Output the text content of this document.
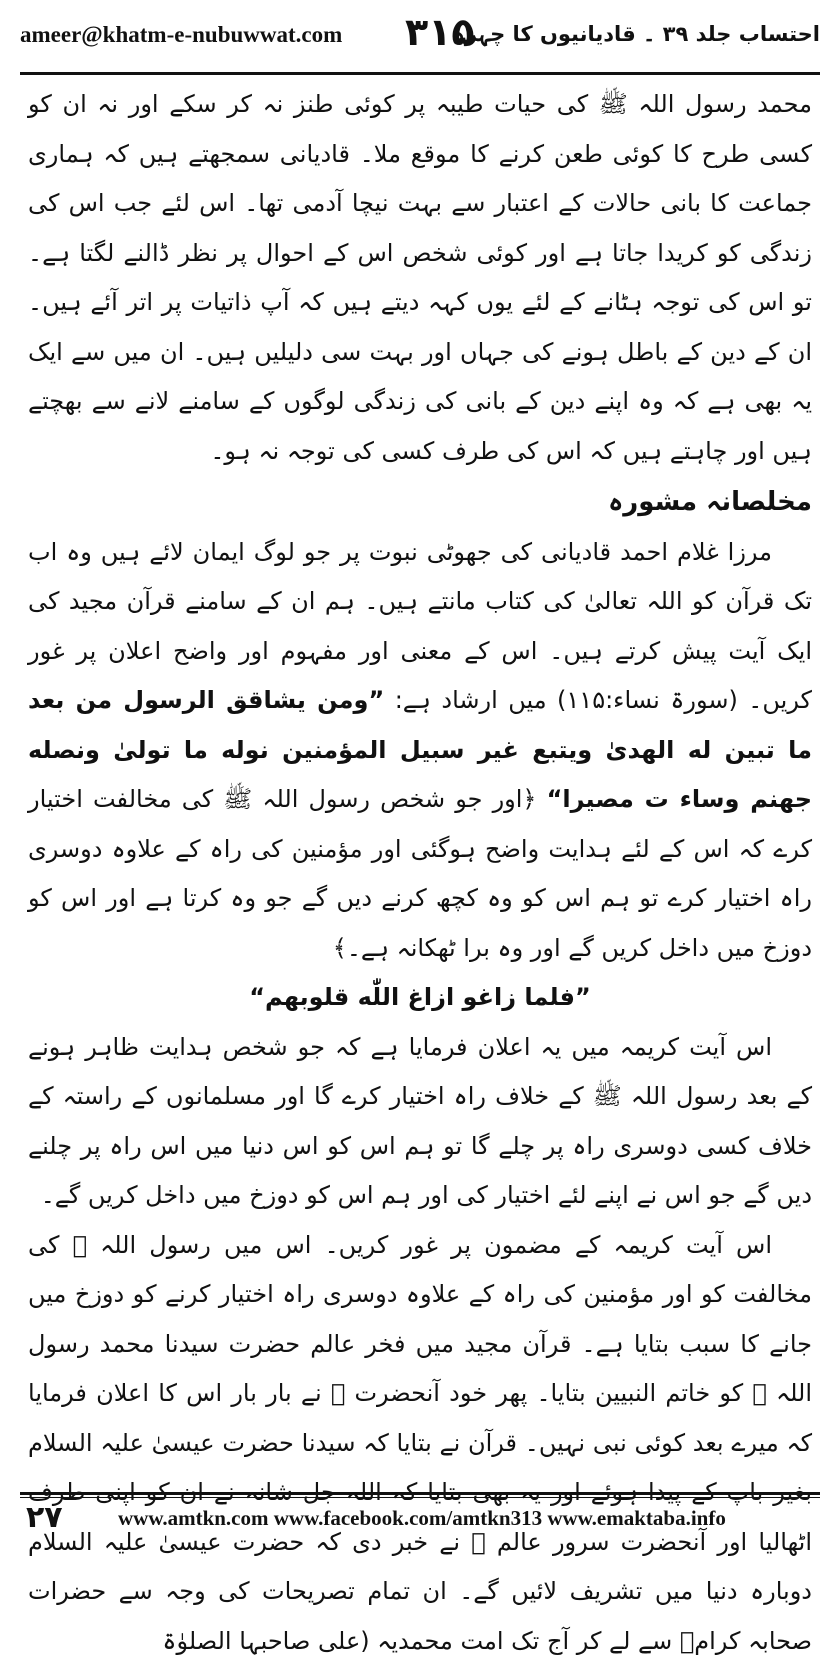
ameer@khatm-e-nubuwwat.com ۳۱۵
احتساب جلد ۳۹ ۔ قادیانیوں کا چہرہ

محمد رسول اللہ ﷺ کی حیات طیبہ پر کوئی طنز نہ کر سکے اور نہ ان کو کسی طرح کا کوئی طعن کرنے کا موقع ملا۔ قادیانی سمجھتے ہیں کہ ہماری جماعت کا بانی حالات کے اعتبار سے بہت نیچا آدمی تھا۔ اس لئے جب اس کی زندگی کو کریدا جاتا ہے اور کوئی شخص اس کے احوال پر نظر ڈالنے لگتا ہے۔ تو اس کی توجہ ہٹانے کے لئے یوں کہہ دیتے ہیں کہ آپ ذاتیات پر اتر آئے ہیں۔ ان کے دین کے باطل ہونے کی جہاں اور بہت سی دلیلیں ہیں۔ ان میں سے ایک یہ بھی ہے کہ وہ اپنے دین کے بانی کی زندگی لوگوں کے سامنے لانے سے بھچتے ہیں اور چاہتے ہیں کہ اس کی طرف کسی کی توجہ نہ ہو۔

مخلصانہ مشورہ

مرزا غلام احمد قادیانی کی جھوٹی نبوت پر جو لوگ ایمان لائے ہیں وہ اب تک قرآن کو اللہ تعالیٰ کی کتاب مانتے ہیں۔ ہم ان کے سامنے قرآن مجید کی ایک آیت پیش کرتے ہیں۔ اس کے معنی اور مفہوم اور واضح اعلان پر غور کریں۔ (سورۃ نساء:۱۱۵) میں ارشاد ہے: ”ومن یشاقق الرسول من بعد ما تبین له الهدیٰ ویتبع غیر سبیل المؤمنین نوله ما تولیٰ ونصله جهنم وساء ت مصیرا“ ﴿اور جو شخص رسول اللہ ﷺ کی مخالفت اختیار کرے کہ اس کے لئے ہدایت واضح ہوگئی اور مؤمنین کی راہ کے علاوہ دوسری راہ اختیار کرے تو ہم اس کو وہ کچھ کرنے دیں گے جو وہ کرتا ہے اور اس کو دوزخ میں داخل کریں گے اور وہ برا ٹھکانہ ہے۔﴾

”فلما زاغو ازاغ اللّٰه قلوبهم“

اس آیت کریمہ میں یہ اعلان فرمایا ہے کہ جو شخص ہدایت ظاہر ہونے کے بعد رسول اللہ ﷺ کے خلاف راہ اختیار کرے گا اور مسلمانوں کے راستہ کے خلاف کسی دوسری راہ پر چلے گا تو ہم اس کو اس دنیا میں اس راہ پر چلنے دیں گے جو اس نے اپنے لئے اختیار کی اور ہم اس کو دوزخ میں داخل کریں گے۔

اس آیت کریمہ کے مضمون پر غور کریں۔ اس میں رسول اللہ ﷺ کی مخالفت کو اور مؤمنین کی راہ کے علاوہ دوسری راہ اختیار کرنے کو دوزخ میں جانے کا سبب بتایا ہے۔ قرآن مجید میں فخر عالم حضرت سیدنا محمد رسول اللہ ﷺ کو خاتم النبیین بتایا۔ پھر خود آنحضرت ﷺ نے بار بار اس کا اعلان فرمایا کہ میرے بعد کوئی نبی نہیں۔ قرآن نے بتایا کہ سیدنا حضرت عیسیٰ علیہ السلام بغیر باپ کے پیدا ہوئے اور یہ بھی بتایا کہ اللہ جل شانہ نے ان کو اپنی طرف اٹھالیا اور آنحضرت سرور عالم ﷺ نے خبر دی کہ حضرت عیسیٰ علیہ السلام دوبارہ دنیا میں تشریف لائیں گے۔ ان تمام تصریحات کی وجہ سے حضرات صحابہ کرامؓ سے لے کر آج تک امت محمدیہ (علی صاحبہا الصلوٰۃ

۲۷	www.amtkn.com www.facebook.com/amtkn313 www.emaktaba.info
